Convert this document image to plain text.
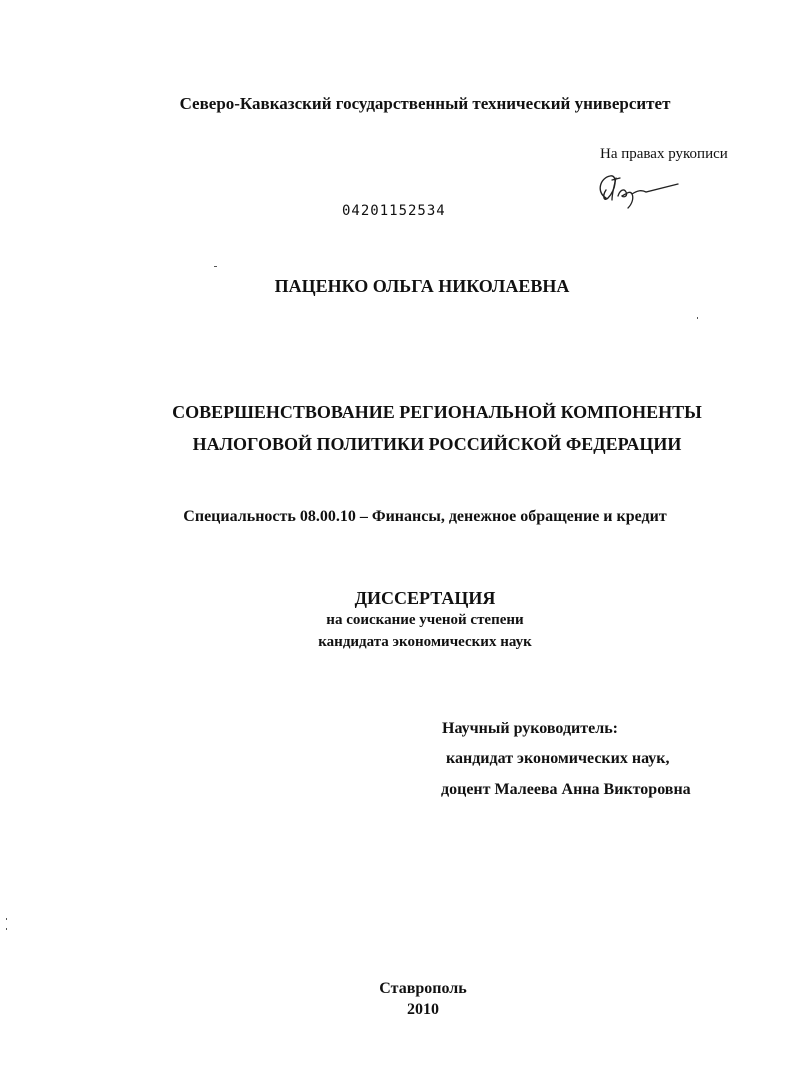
Северо-Кавказский государственный технический университет
На правах рукописи
04201152534
ПАЦЕНКО ОЛЬГА НИКОЛАЕВНА
СОВЕРШЕНСТВОВАНИЕ РЕГИОНАЛЬНОЙ КОМПОНЕНТЫ
НАЛОГОВОЙ ПОЛИТИКИ РОССИЙСКОЙ ФЕДЕРАЦИИ
Специальность 08.00.10 – Финансы, денежное обращение и кредит
ДИССЕРТАЦИЯ
на соискание ученой степени
кандидата экономических наук
Научный руководитель:
кандидат экономических наук,
доцент Малеева Анна Викторовна
Ставрополь
2010
